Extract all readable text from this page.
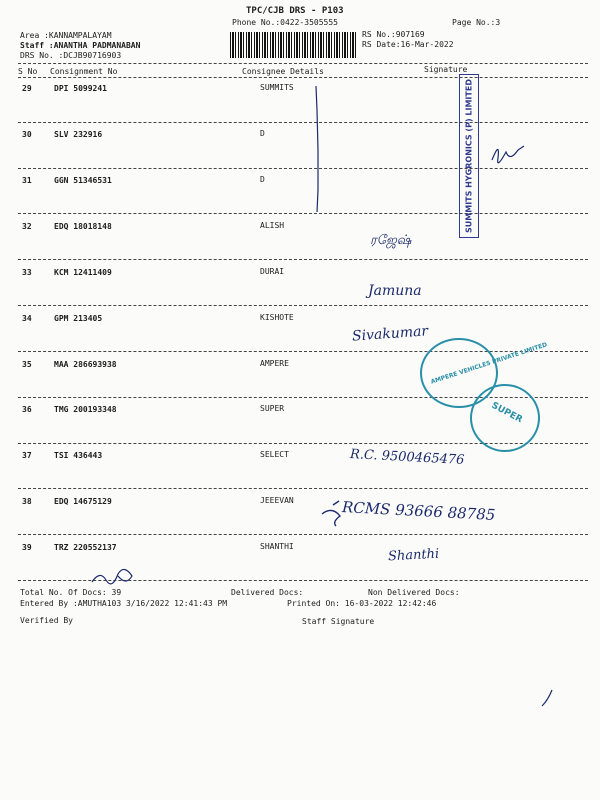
TPC/CJB DRS - P103
Phone No.:0422-3505555	Page No.:3
Area :KANNAMPALAYAM
Staff :ANANTHA PADMANABAN
DRS No. :DCJB90716903
RS No.:907169
RS Date:16-Mar-2022
S No Consignment No	Consignee Details	Signature
29	DPI 5099241	SUMMITS
30	SLV 232916	D
31	GGN 51346531	D
32	EDQ 18018148	ALISH
33	KCM 12411409	DURAI
34	GPM 213405	KISHOTE
35	MAA 286693938	AMPERE
36	TMG 200193348	SUPER
37	TSI 436443	SELECT
38	EDQ 14675129	JEEEVAN
39	TRZ 220552137	SHANTHI
Total No. Of Docs: 39	Delivered Docs:	Non Delivered Docs:
Entered By :AMUTHA103 3/16/2022 12:41:43 PM	Printed On: 16-03-2022 12:42:46
Verified By	Staff Signature
ரஜேஷ்
Jamuna
Sivakumar
R.C. 9500465476
RCMS 93666 88785
Shanthi
SUMMITS HYGRONICS (P) LIMITED
AMPERE VEHICLES PRIVATE LIMITED
SUPER
